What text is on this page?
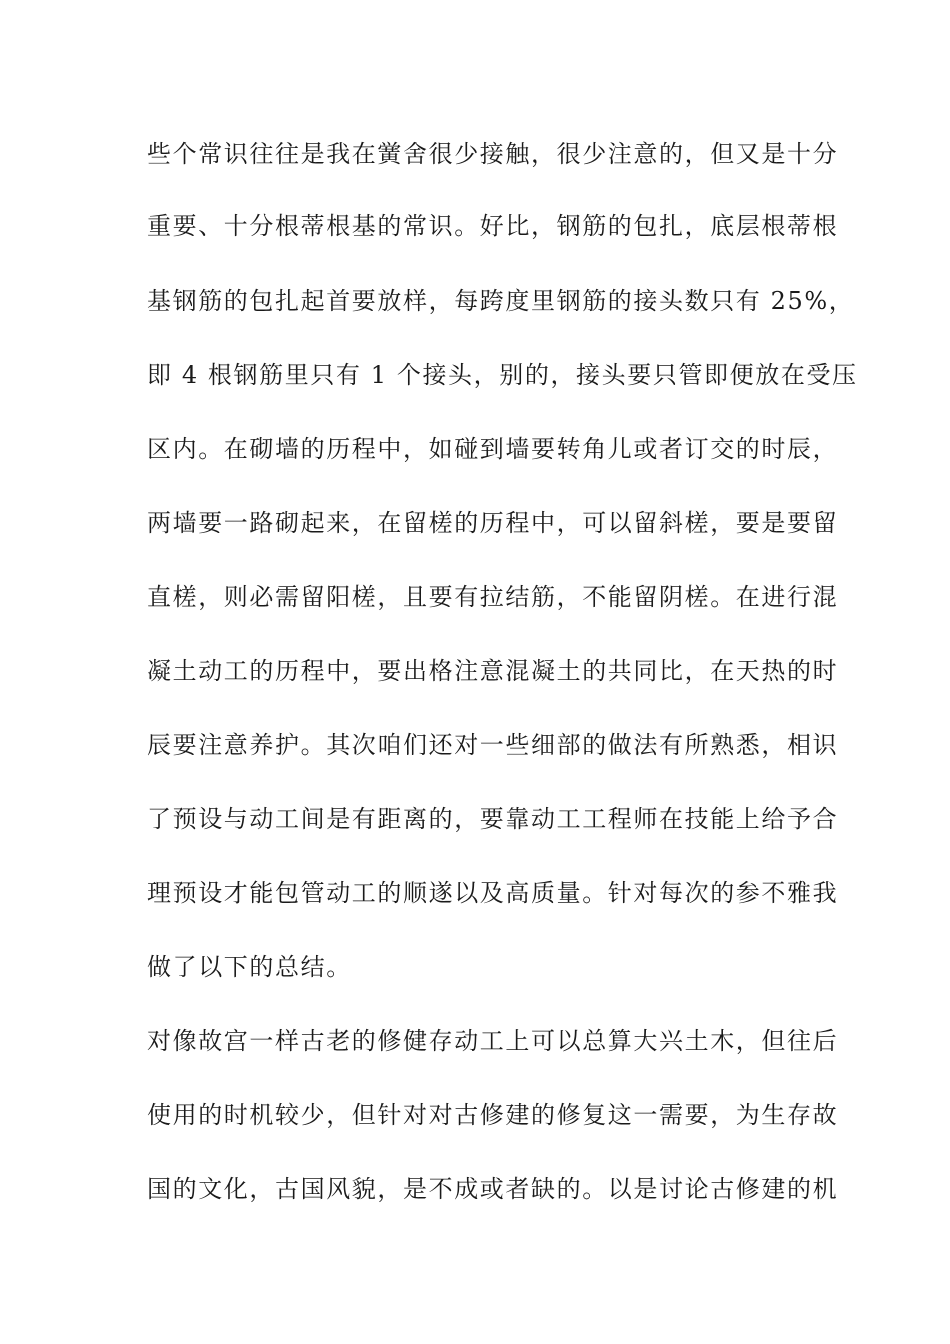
些个常识往往是我在黉舍很少接触，很少注意的，但又是十分
重要、十分根蒂根基的常识。好比，钢筋的包扎，底层根蒂根
基钢筋的包扎起首要放样，每跨度里钢筋的接头数只有 25%，
即 4 根钢筋里只有 1 个接头，别的，接头要只管即便放在受压
区内。在砌墙的历程中，如碰到墙要转角儿或者订交的时辰，
两墙要一路砌起来，在留槎的历程中，可以留斜槎，要是要留
直槎，则必需留阳槎，且要有拉结筋，不能留阴槎。在进行混
凝土动工的历程中，要出格注意混凝土的共同比，在天热的时
辰要注意养护。其次咱们还对一些细部的做法有所熟悉，相识
了预设与动工间是有距离的，要靠动工工程师在技能上给予合
理预设才能包管动工的顺遂以及高质量。针对每次的参不雅我
做了以下的总结。
对像故宫一样古老的修健存动工上可以总算大兴土木，但往后
使用的时机较少，但针对对古修建的修复这一需要，为生存故
国的文化，古国风貌，是不成或者缺的。以是讨论古修建的机
